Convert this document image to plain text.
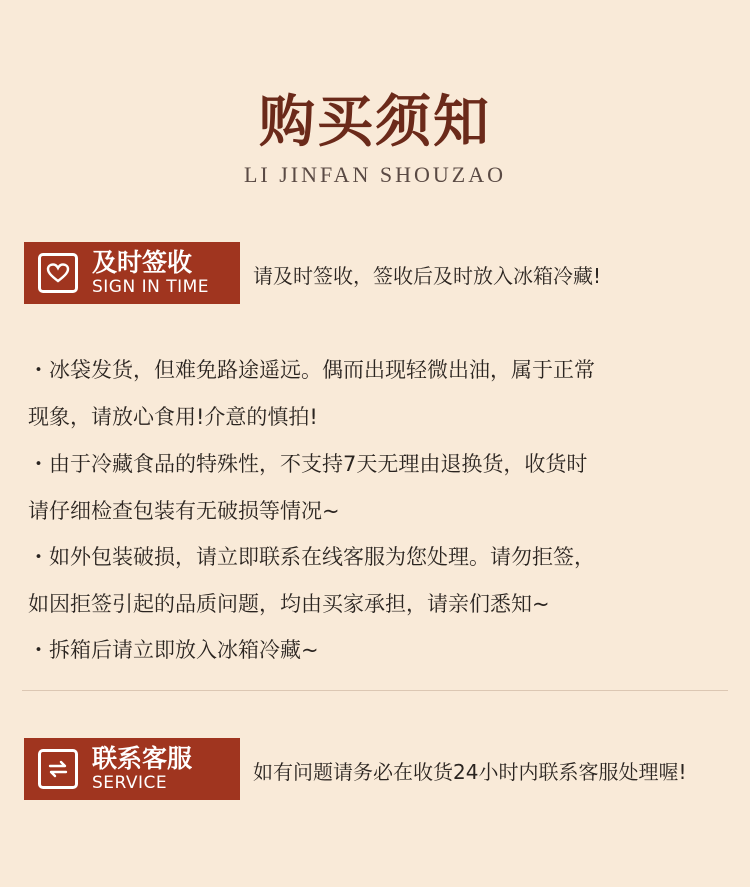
购买须知
LI JINFAN SHOUZAO
及时签收
SIGN IN TIME 请及时签收，签收后及时放入冰箱冷藏!
・冰袋发货，但难免路途遥远。偶而出现轻微出油，属于正常
现象，请放心食用!介意的慎拍!
・由于冷藏食品的特殊性，不支持7天无理由退换货，收货时
请仔细检查包装有无破损等情况~
・如外包装破损，请立即联系在线客服为您处理。请勿拒签，
如因拒签引起的品质问题，均由买家承担，请亲们悉知~
・拆箱后请立即放入冰箱冷藏~
联系客服
SERVICE	如有问题请务必在收货24小时内联系客服处理喔!
